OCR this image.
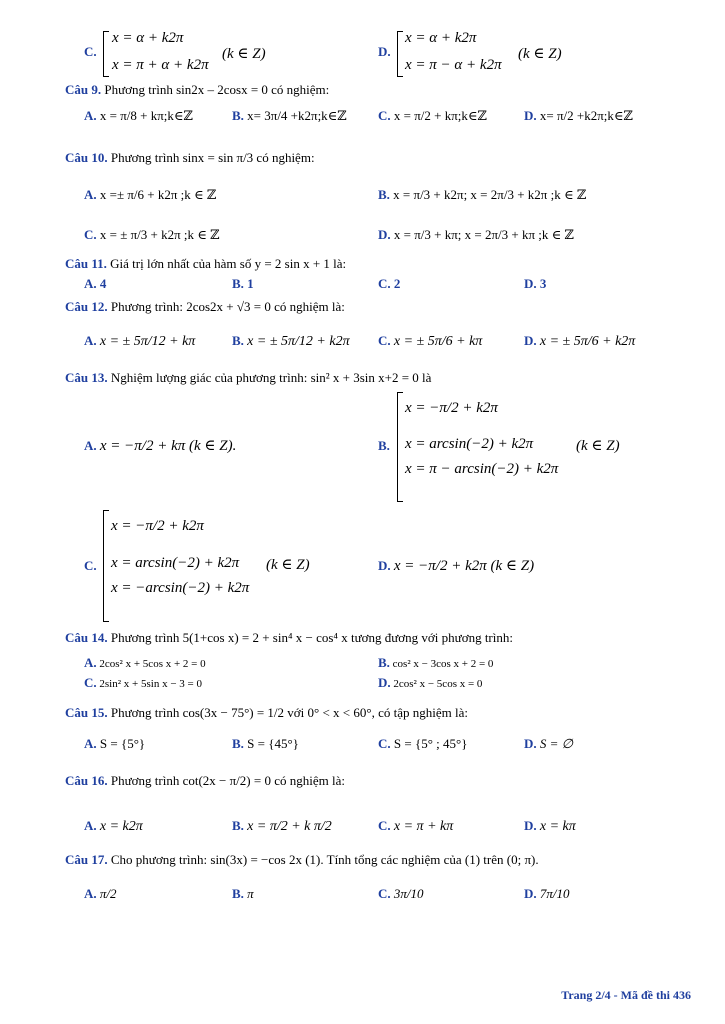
C.
x = α + k2π
x = π + α + k2π
(k ∈ Z)	D.
x = α + k2π
x = π − α + k2π
(k ∈ Z)
Câu 9. Phương trình sin2x – 2cosx = 0 có nghiệm:
A. x = π/8 + kπ;k∈ℤ	B. x= 3π/4 +k2π;k∈ℤ C. x = π/2 + kπ;k∈ℤ	D. x= π/2 +k2π;k∈ℤ
Câu 10. Phương trình sinx = sin π/3 có nghiệm:
A. x =± π/6 + k2π ;k ∈ ℤ	B. x = π/3 + k2π; x = 2π/3 + k2π ;k ∈ ℤ
C. x = ± π/3 + k2π ;k ∈ ℤ	D. x = π/3 + kπ; x = 2π/3 + kπ ;k ∈ ℤ
Câu 11. Giá trị lớn nhất của hàm số y = 2 sin x + 1 là:
A. 4	B. 1	C. 2	D. 3
Câu 12. Phương trình: 2cos2x + √3 = 0 có nghiệm là:
A. x = ± 5π/12 + kπ	B. x = ± 5π/12 + k2π C. x = ± 5π/6 + kπ	D. x = ± 5π/6 + k2π
Câu 13. Nghiệm lượng giác của phương trình: sin² x + 3sin x+2 = 0 là
A. x = −π/2 + kπ (k ∈ Z).	B.
x = −π/2 + k2π
x = arcsin(−2) + k2π
x = π − arcsin(−2) + k2π
(k ∈ Z)
C.
x = −π/2 + k2π
x = arcsin(−2) + k2π
x = −arcsin(−2) + k2π
(k ∈ Z)	D. x = −π/2 + k2π (k ∈ Z)
Câu 14. Phương trình 5(1+cos x) = 2 + sin⁴ x − cos⁴ x tương đương với phương trình:
A. 2cos² x + 5cos x + 2 = 0	B. cos² x − 3cos x + 2 = 0
C. 2sin² x + 5sin x − 3 = 0	D. 2cos² x − 5cos x = 0
Câu 15. Phương trình cos(3x − 75°) = 1/2 với 0° < x < 60°, có tập nghiệm là:
A. S = {5°}	B. S = {45°}	C. S = {5° ; 45°}	D. S = ∅
Câu 16. Phương trình cot(2x − π/2) = 0 có nghiệm là:
A. x = k2π	B. x = π/2 + k π/2	C. x = π + kπ	D. x = kπ
Câu 17. Cho phương trình: sin(3x) = −cos 2x (1). Tính tổng các nghiệm của (1) trên (0; π).
A. π/2	B. π	C. 3π/10	D. 7π/10
Trang 2/4 - Mã đề thi 436
